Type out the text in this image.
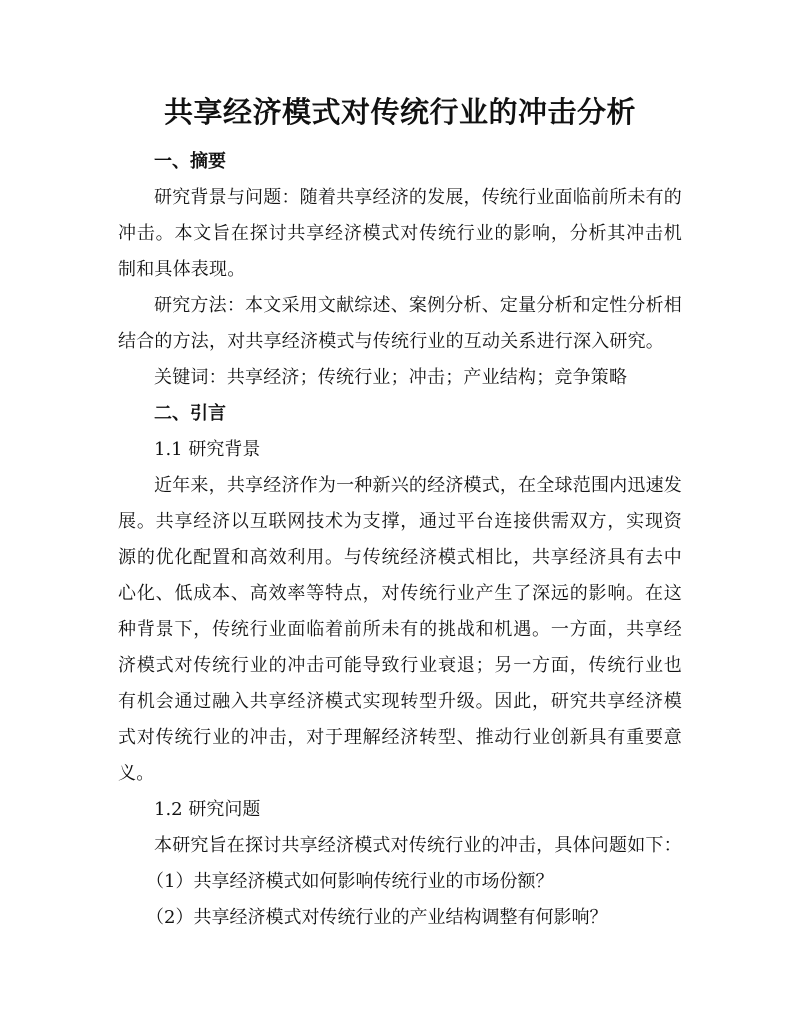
共享经济模式对传统行业的冲击分析
一、摘要

研究背景与问题：随着共享经济的发展，传统行业面临前所未有的冲击。本文旨在探讨共享经济模式对传统行业的影响，分析其冲击机制和具体表现。

研究方法：本文采用文献综述、案例分析、定量分析和定性分析相结合的方法，对共享经济模式与传统行业的互动关系进行深入研究。

关键词：共享经济；传统行业；冲击；产业结构；竞争策略

二、引言

1.1 研究背景

近年来，共享经济作为一种新兴的经济模式，在全球范围内迅速发展。共享经济以互联网技术为支撑，通过平台连接供需双方，实现资源的优化配置和高效利用。与传统经济模式相比，共享经济具有去中心化、低成本、高效率等特点，对传统行业产生了深远的影响。在这种背景下，传统行业面临着前所未有的挑战和机遇。一方面，共享经济模式对传统行业的冲击可能导致行业衰退；另一方面，传统行业也有机会通过融入共享经济模式实现转型升级。因此，研究共享经济模式对传统行业的冲击，对于理解经济转型、推动行业创新具有重要意义。

1.2 研究问题

本研究旨在探讨共享经济模式对传统行业的冲击，具体问题如下：

（1）共享经济模式如何影响传统行业的市场份额？

（2）共享经济模式对传统行业的产业结构调整有何影响？
